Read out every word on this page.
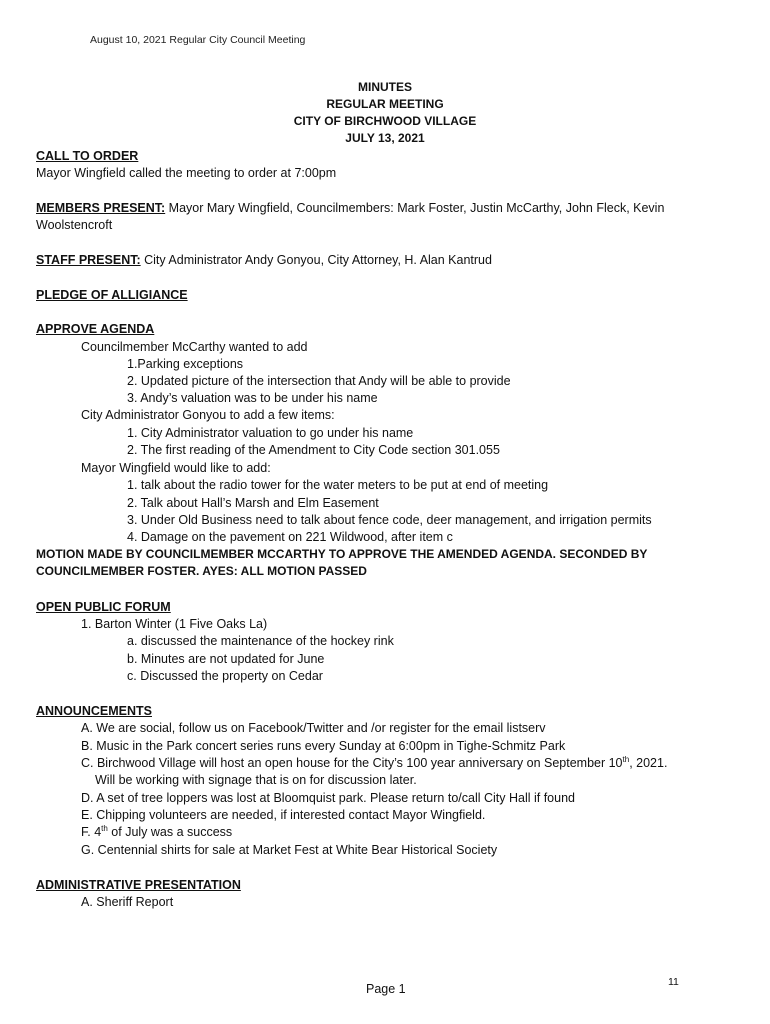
August 10, 2021 Regular City Council Meeting
MINUTES
REGULAR MEETING
CITY OF BIRCHWOOD VILLAGE
JULY 13, 2021
CALL TO ORDER
Mayor Wingfield called the meeting to order at 7:00pm
MEMBERS PRESENT: Mayor Mary Wingfield, Councilmembers: Mark Foster, Justin McCarthy, John Fleck, Kevin
Woolstencroft
STAFF PRESENT: City Administrator Andy Gonyou, City Attorney, H. Alan Kantrud
PLEDGE OF ALLIGIANCE
APPROVE AGENDA
Councilmember McCarthy wanted to add
1.Parking exceptions
2. Updated picture of the intersection that Andy will be able to provide
3. Andy’s valuation was to be under his name
City Administrator Gonyou to add a few items:
1. City Administrator valuation to go under his name
2. The first reading of the Amendment to City Code section 301.055
Mayor Wingfield would like to add:
1. talk about the radio tower for the water meters to be put at end of meeting
2. Talk about Hall’s Marsh and Elm Easement
3. Under Old Business need to talk about fence code, deer management, and irrigation permits
4. Damage on the pavement on 221 Wildwood, after item c
MOTION MADE BY COUNCILMEMBER MCCARTHY TO APPROVE THE AMENDED AGENDA. SECONDED BY
COUNCILMEMBER FOSTER. AYES: ALL MOTION PASSED
OPEN PUBLIC FORUM
1. Barton Winter (1 Five Oaks La)
a. discussed the maintenance of the hockey rink
b. Minutes are not updated for June
c. Discussed the property on Cedar
ANNOUNCEMENTS
A. We are social, follow us on Facebook/Twitter and /or register for the email listserv
B. Music in the Park concert series runs every Sunday at 6:00pm in Tighe-Schmitz Park
C. Birchwood Village will host an open house for the City’s 100 year anniversary on September 10th, 2021.
Will be working with signage that is on for discussion later.
D. A set of tree loppers was lost at Bloomquist park. Please return to/call City Hall if found
E. Chipping volunteers are needed, if interested contact Mayor Wingfield.
F. 4th of July was a success
G. Centennial shirts for sale at Market Fest at White Bear Historical Society
ADMINISTRATIVE PRESENTATION
A. Sheriff Report
Page 1	11
